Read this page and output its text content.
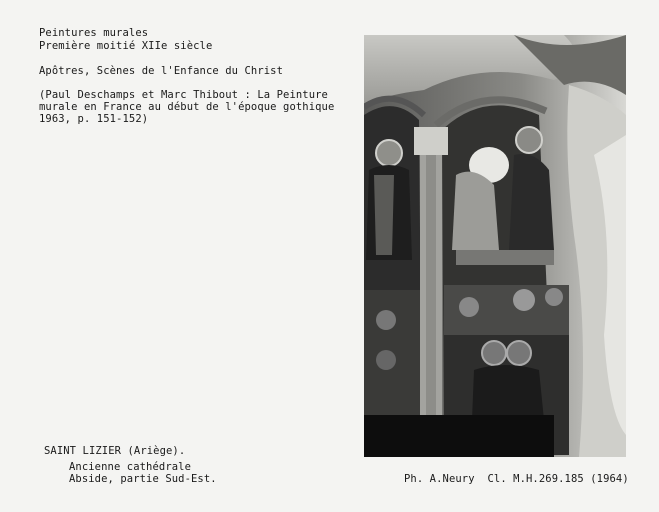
Peintures murales
Première moitié XIIe siècle
Apôtres, Scènes de l'Enfance du Christ
(Paul Deschamps et Marc Thibout : La Peinture
murale en France au début de l'époque gothique
1963, p. 151-152)
SAINT LIZIER (Ariège).
Ancienne cathédrale
Abside, partie Sud-Est.	Ph. A.Neury  Cl. M.H.269.185 (1964)
